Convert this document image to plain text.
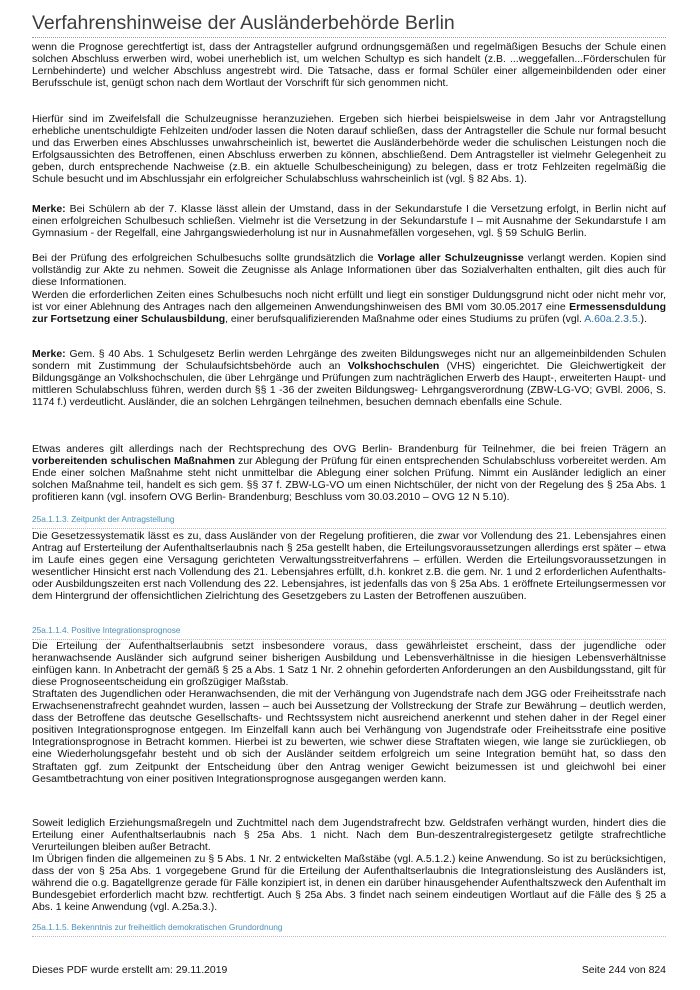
Verfahrenshinweise der Ausländerbehörde Berlin

wenn die Prognose gerechtfertigt ist, dass der Antragsteller aufgrund ordnungsgemäßen und regelmäßigen Besuchs der Schule einen solchen Abschluss erwerben wird, wobei unerheblich ist, um welchen Schultyp es sich handelt (z.B. ...weggefallen...Förderschulen für Lernbehinderte) und welcher Abschluss angestrebt wird. Die Tatsache, dass er formal Schüler einer allgemeinbildenden oder einer Berufsschule ist, genügt schon nach dem Wortlaut der Vorschrift für sich genommen nicht.

Hierfür sind im Zweifelsfall die Schulzeugnisse heranzuziehen. Ergeben sich hierbei beispielsweise in dem Jahr vor Antragstellung erhebliche unentschuldigte Fehlzeiten und/oder lassen die Noten darauf schließen, dass der Antragsteller die Schule nur formal besucht und das Erwerben eines Abschlusses unwahrscheinlich ist, bewertet die Ausländerbehörde weder die schulischen Leistungen noch die Erfolgsaussichten des Betroffenen, einen Abschluss erwerben zu können, abschließend. Dem Antragsteller ist vielmehr Gelegenheit zu geben, durch entsprechende Nachweise (z.B. ein aktuelle Schulbescheinigung) zu belegen, dass er trotz Fehlzeiten regelmäßig die Schule besucht und im Abschlussjahr ein erfolgreicher Schulabschluss wahrscheinlich ist (vgl. § 82 Abs. 1).

Merke: Bei Schülern ab der 7. Klasse lässt allein der Umstand, dass in der Sekundarstufe I die Versetzung erfolgt, in Berlin nicht auf einen erfolgreichen Schulbesuch schließen. Vielmehr ist die Versetzung in der Sekundarstufe I – mit Ausnahme der Sekundarstufe I am Gymnasium - der Regelfall, eine Jahrgangswiederholung ist nur in Ausnahmefällen vorgesehen, vgl. § 59 SchulG Berlin.

Bei der Prüfung des erfolgreichen Schulbesuchs sollte grundsätzlich die Vorlage aller Schulzeugnisse verlangt werden. Kopien sind vollständig zur Akte zu nehmen. Soweit die Zeugnisse als Anlage Informationen über das Sozialverhalten enthalten, gilt dies auch für diese Informationen.

Werden die erforderlichen Zeiten eines Schulbesuchs noch nicht erfüllt und liegt ein sonstiger Duldungsgrund nicht oder nicht mehr vor, ist vor einer Ablehnung des Antrages nach den allgemeinen Anwendungshinweisen des BMI vom 30.05.2017 eine Ermessensduldung zur Fortsetzung einer Schulausbildung, einer berufsqualifizierenden Maßnahme oder eines Studiums zu prüfen (vgl. A.60a.2.3.5.).

Merke: Gem. § 40 Abs. 1 Schulgesetz Berlin werden Lehrgänge des zweiten Bildungsweges nicht nur an allgemeinbildenden Schulen sondern mit Zustimmung der Schulaufsichtsbehörde auch an Volkshochschulen (VHS) eingerichtet. Die Gleichwertigkeit der Bildungsgänge an Volkshochschulen, die über Lehrgänge und Prüfungen zum nachträglichen Erwerb des Haupt-, erweiterten Haupt- und mittleren Schulabschluss führen, werden durch §§ 1 -36 der zweiten Bildungsweg- Lehrgangsverordnung (ZBW-LG-VO; GVBl. 2006, S. 1174 f.) verdeutlicht. Ausländer, die an solchen Lehrgängen teilnehmen, besuchen demnach ebenfalls eine Schule.

Etwas anderes gilt allerdings nach der Rechtsprechung des OVG Berlin- Brandenburg für Teilnehmer, die bei freien Trägern an vorbereitenden schulischen Maßnahmen zur Ablegung der Prüfung für einen entsprechenden Schulabschluss vorbereitet werden. Am Ende einer solchen Maßnahme steht nicht unmittelbar die Ablegung einer solchen Prüfung. Nimmt ein Ausländer lediglich an einer solchen Maßnahme teil, handelt es sich gem. §§ 37 f. ZBW-LG-VO um einen Nichtschüler, der nicht von der Regelung des § 25a Abs. 1 profitieren kann (vgl. insofern OVG Berlin- Brandenburg; Beschluss vom 30.03.2010 – OVG 12 N 5.10).

25a.1.1.3. Zeitpunkt der Antragstellung

Die Gesetzessystematik lässt es zu, dass Ausländer von der Regelung profitieren, die zwar vor Vollendung des 21. Lebensjahres einen Antrag auf Ersterteilung der Aufenthaltserlaubnis nach § 25a gestellt haben, die Erteilungsvoraussetzungen allerdings erst später – etwa im Laufe eines gegen eine Versagung gerichteten Verwaltungsstreitverfahrens – erfüllen. Werden die Erteilungsvoraussetzungen in wesentlicher Hinsicht erst nach Vollendung des 21. Lebensjahres erfüllt, d.h. konkret z.B. die gem. Nr. 1 und 2 erforderlichen Aufenthalts- oder Ausbildungszeiten erst nach Vollendung des 22. Lebensjahres, ist jedenfalls das von § 25a Abs. 1 eröffnete Erteilungsermessen vor dem Hintergrund der offensichtlichen Zielrichtung des Gesetzgebers zu Lasten der Betroffenen auszuüben.

25a.1.1.4. Positive Integrationsprognose

Die Erteilung der Aufenthaltserlaubnis setzt insbesondere voraus, dass gewährleistet erscheint, dass der jugendliche oder heranwachsende Ausländer sich aufgrund seiner bisherigen Ausbildung und Lebensverhältnisse in die hiesigen Lebensverhältnisse einfügen kann. In Anbetracht der gemäß § 25 a Abs. 1 Satz 1 Nr. 2 ohnehin geforderten Anforderungen an den Ausbildungsstand, gilt für diese Prognoseentscheidung ein großzügiger Maßstab.

Straftaten des Jugendlichen oder Heranwachsenden, die mit der Verhängung von Jugendstrafe nach dem JGG oder Freiheitsstrafe nach Erwachsenenstrafrecht geahndet wurden, lassen – auch bei Aussetzung der Vollstreckung der Strafe zur Bewährung – deutlich werden, dass der Betroffene das deutsche Gesellschafts- und Rechtssystem nicht ausreichend anerkennt und stehen daher in der Regel einer positiven Integrationsprognose entgegen. Im Einzelfall kann auch bei Verhängung von Jugendstrafe oder Freiheitsstrafe eine positive Integrationsprognose in Betracht kommen. Hierbei ist zu bewerten, wie schwer diese Straftaten wiegen, wie lange sie zurückliegen, ob eine Wiederholungsgefahr besteht und ob sich der Ausländer seitdem erfolgreich um seine Integration bemüht hat, so dass den Straftaten ggf. zum Zeitpunkt der Entscheidung über den Antrag weniger Gewicht beizumessen ist und gleichwohl bei einer Gesamtbetrachtung von einer positiven Integrationsprognose ausgegangen werden kann.

Soweit lediglich Erziehungsmaßregeln und Zuchtmittel nach dem Jugendstrafrecht bzw. Geldstrafen verhängt wurden, hindert dies die Erteilung einer Aufenthaltserlaubnis nach § 25a Abs. 1 nicht. Nach dem Bun-deszentralregistergesetz getilgte strafrechtliche Verurteilungen bleiben außer Betracht.

Im Übrigen finden die allgemeinen zu § 5 Abs. 1 Nr. 2 entwickelten Maßstäbe (vgl. A.5.1.2.) keine Anwendung. So ist zu berücksichtigen, dass der von § 25a Abs. 1 vorgegebene Grund für die Erteilung der Aufenthaltserlaubnis die Integrationsleistung des Ausländers ist, während die o.g. Bagatellgrenze gerade für Fälle konzipiert ist, in denen ein darüber hinausgehender Aufenthaltszweck den Aufenthalt im Bundesgebiet erforderlich macht bzw. rechtfertigt. Auch § 25a Abs. 3 findet nach seinem eindeutigen Wortlaut auf die Fälle des § 25 a Abs. 1 keine Anwendung (vgl. A.25a.3.).

25a.1.1.5. Bekenntnis zur freiheitlich demokratischen Grundordnung
Dieses PDF wurde erstellt am: 29.11.2019	Seite 244 von 824
